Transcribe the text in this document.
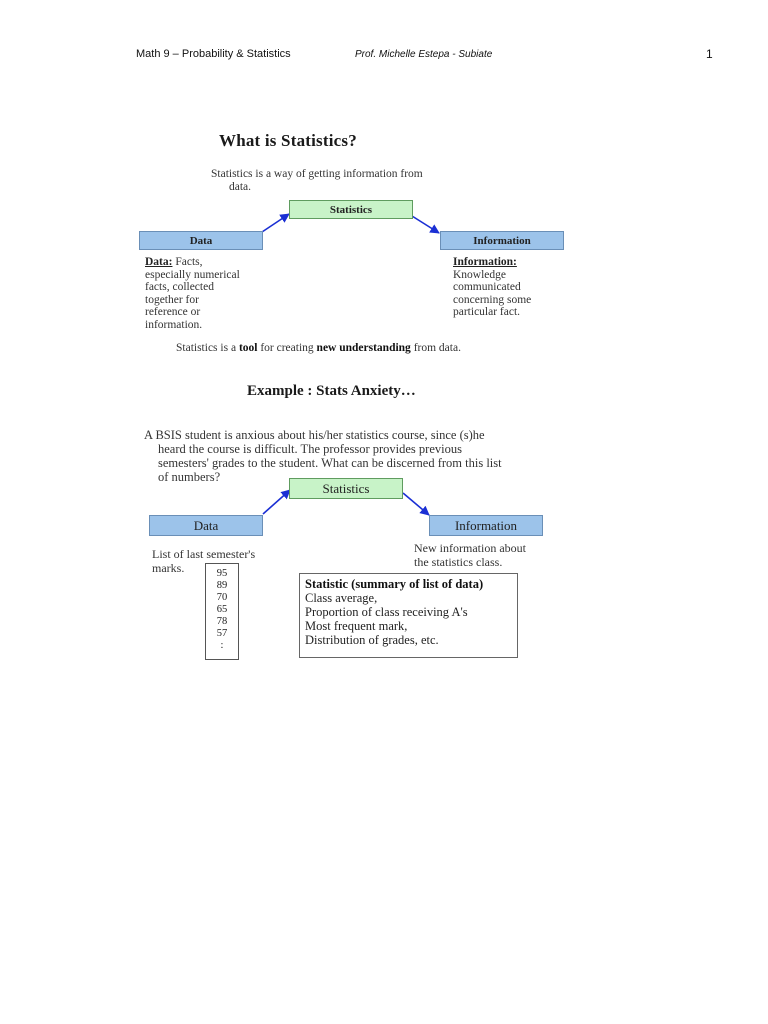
Math 9 – Probability & Statistics	Prof. Michelle Estepa - Subiate	1
What is Statistics?
Statistics is a way of getting information from
data.
Statistics
Data	Information
Data: Facts,
especially numerical
facts, collected
together for
reference or
information.
Information:
Knowledge
communicated
concerning some
particular fact.
Statistics is a tool for creating new understanding from data.
Example : Stats Anxiety…
A BSIS student is anxious about his/her statistics course, since (s)he
heard the course is difficult. The professor provides previous
semesters' grades to the student. What can be discerned from this list
of numbers?
Statistics
Data	Information
List of last semester's
marks.	95
89
70
65
78
57
:
New information about
the statistics class.
Statistic (summary of list of data)
Class average,
Proportion of class receiving A's
Most frequent mark,
Distribution of grades, etc.
